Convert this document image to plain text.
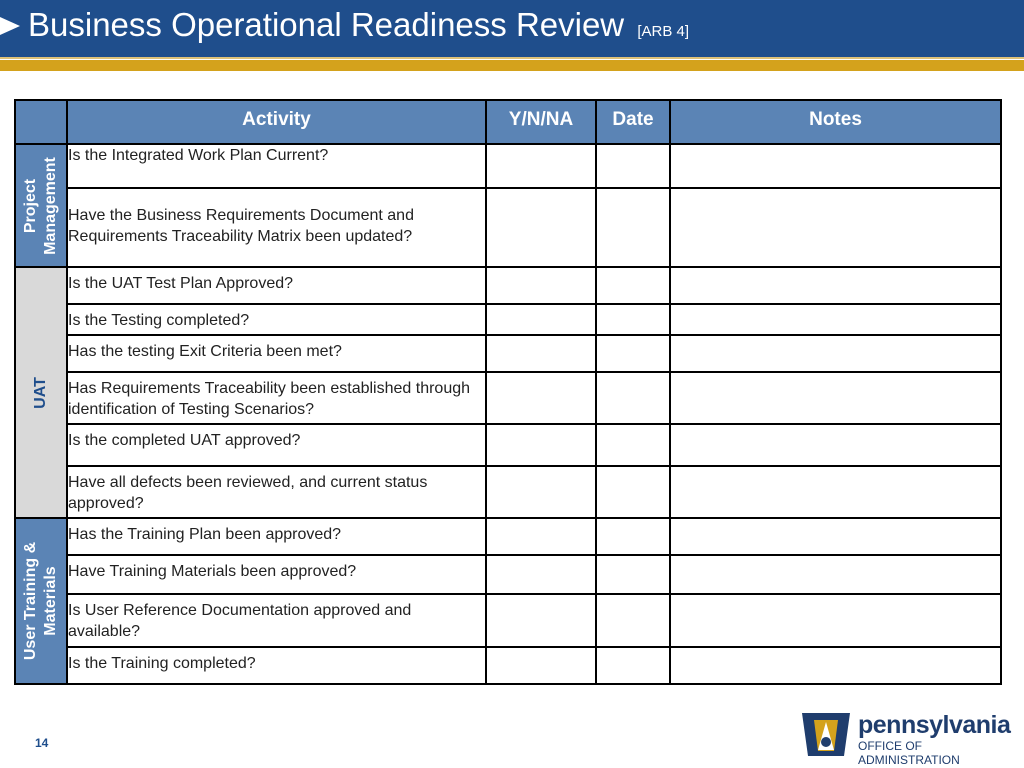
Business Operational Readiness Review [ARB 4]
	Activity	Y/N/NA	Date	Notes

Project Management	Is the Integrated Work Plan Current?			
	Have the Business Requirements Document and Requirements Traceability Matrix been updated?			

UAT	Is the UAT Test Plan Approved?			
	Is the Testing completed?			
	Has the testing Exit Criteria been met?			
	Has Requirements Traceability been established through identification of Testing Scenarios?			
	Is the completed UAT approved?			
	Have all defects been reviewed, and current status approved?			

User Training & Materials	Has the Training Plan been approved?			
	Have Training Materials been approved?			
	Is User Reference Documentation approved and available?			
	Is the Training completed?			
14
pennsylvania
OFFICE OF ADMINISTRATION
